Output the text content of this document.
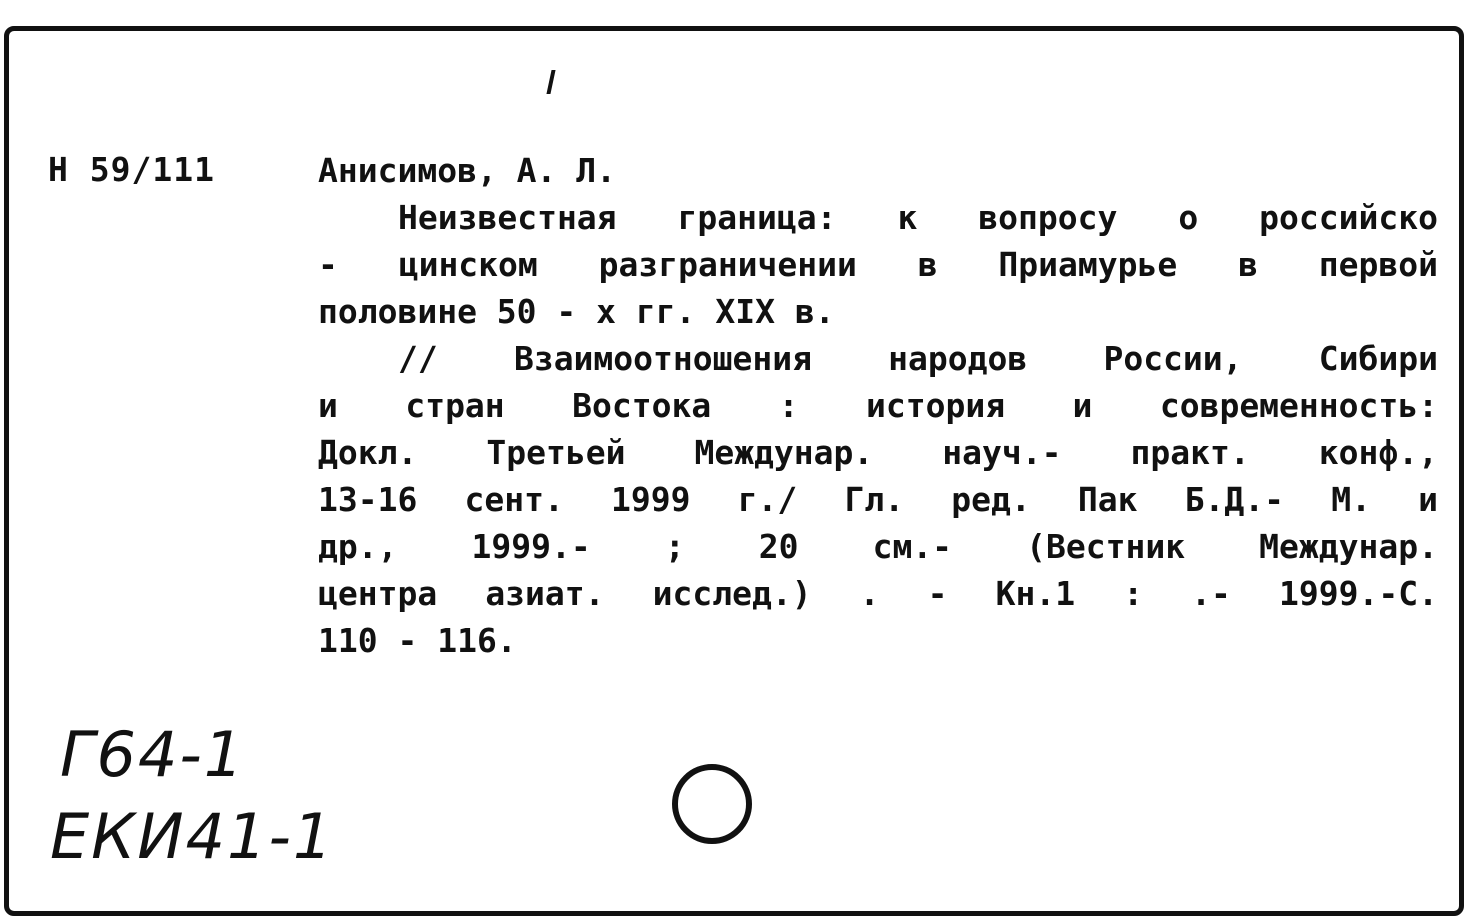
Н 59/111	Анисимов, А. Л.
Неизвестная граница: к вопросу о российско
- цинском разграничении в Приамурье в первой
половине 50 - х гг. XIX в.
// Взаимоотношения народов России, Сибири
и стран Востока : история и современность:
Докл. Третьей Междунар. науч.- практ. конф.,
13-16 сент. 1999 г./ Гл. ред. Пак Б.Д.- М. и
др., 1999.- ; 20 см.- (Вестник Междунар.
центра азиат. исслед.) . - Кн.1 : .- 1999.-С.
110 - 116.
Г64-1
ЕКИ41-1
